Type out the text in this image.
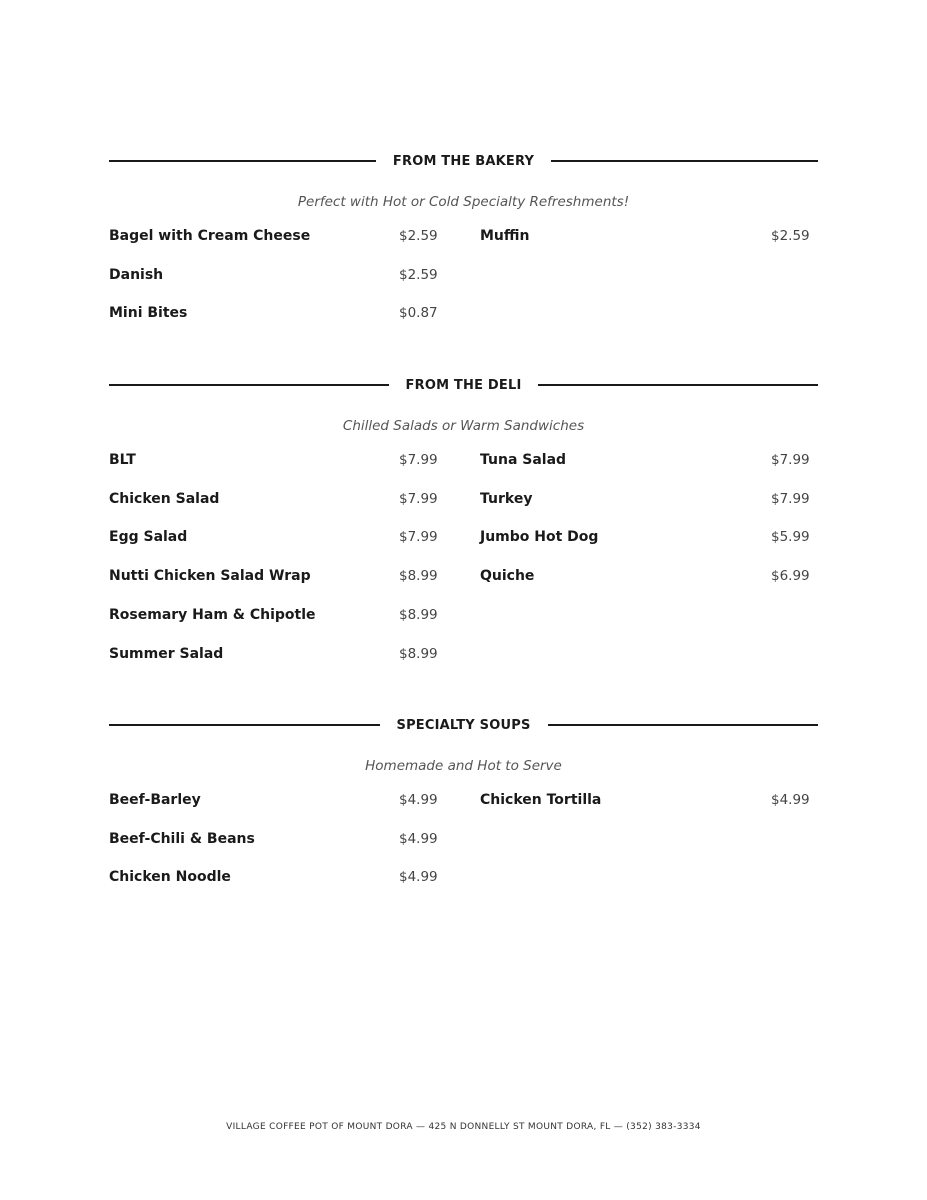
FROM THE BAKERY
Perfect with Hot or Cold Specialty Refreshments!
Bagel with Cream Cheese	$2.59
Danish	$2.59
Mini Bites	$0.87
Muffin	$2.59
FROM THE DELI
Chilled Salads or Warm Sandwiches
BLT	$7.99
Chicken Salad	$7.99
Egg Salad	$7.99
Nutti Chicken Salad Wrap	$8.99
Rosemary Ham & Chipotle	$8.99
Summer Salad	$8.99
Tuna Salad	$7.99
Turkey	$7.99
Jumbo Hot Dog	$5.99
Quiche	$6.99
SPECIALTY SOUPS
Homemade and Hot to Serve
Beef-Barley	$4.99
Beef-Chili & Beans	$4.99
Chicken Noodle	$4.99
Chicken Tortilla	$4.99
VILLAGE COFFEE POT OF MOUNT DORA — 425 N DONNELLY ST MOUNT DORA, FL — (352) 383-3334
